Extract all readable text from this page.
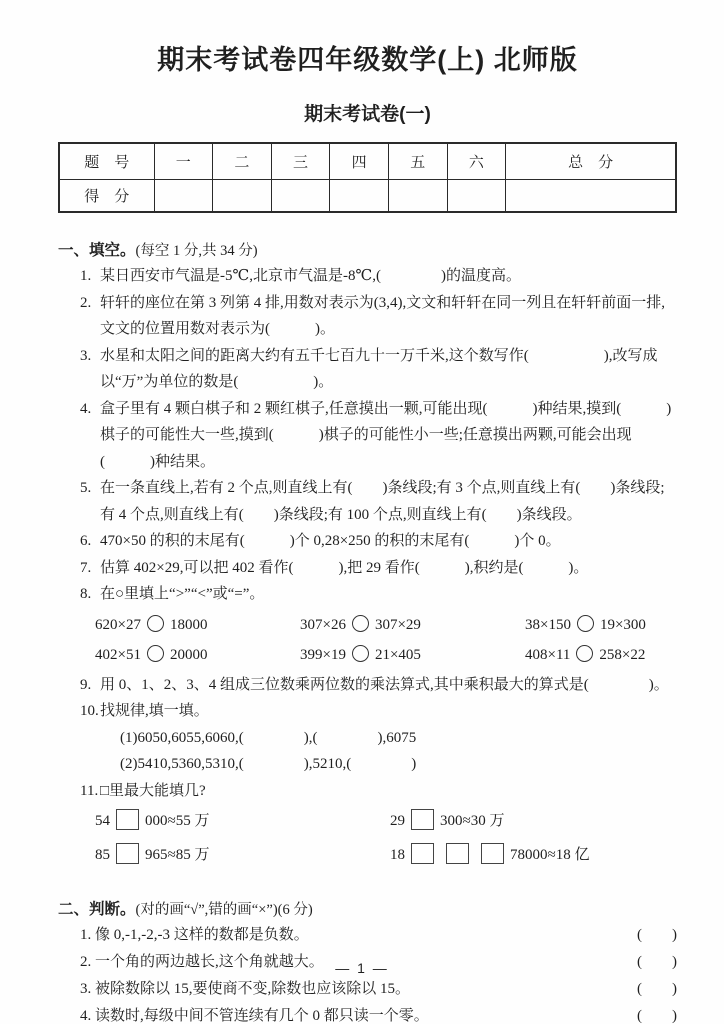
期末考试卷四年级数学(上) 北师版
期末考试卷(一)
题　号	一	二	三	四	五	六	总　分
得　分							
一、填空。(每空 1 分,共 34 分)
1. 某日西安市气温是-5℃,北京市气温是-8℃,(　　　　)的温度高。
2. 轩轩的座位在第 3 列第 4 排,用数对表示为(3,4),文文和轩轩在同一列且在轩轩前面一排,文文的位置用数对表示为(　　　)。
3. 水星和太阳之间的距离大约有五千七百九十一万千米,这个数写作(　　　　　),改写成以“万”为单位的数是(　　　　　)。
4. 盒子里有 4 颗白棋子和 2 颗红棋子,任意摸出一颗,可能出现(　　　)种结果,摸到(　　　)棋子的可能性大一些,摸到(　　　)棋子的可能性小一些;任意摸出两颗,可能会出现(　　　)种结果。
5. 在一条直线上,若有 2 个点,则直线上有(　　)条线段;有 3 个点,则直线上有(　　)条线段;有 4 个点,则直线上有(　　)条线段;有 100 个点,则直线上有(　　)条线段。
6. 470×50 的积的末尾有(　　　)个 0,28×250 的积的末尾有(　　　)个 0。
7. 估算 402×29,可以把 402 看作(　　　),把 29 看作(　　　),积约是(　　　)。
8. 在○里填上“>”“<”或“=”。
620×27 18000	307×26 307×29	38×150 19×300
402×51 20000	399×19 21×405	408×11 258×22
9. 用 0、1、2、3、4 组成三位数乘两位数的乘法算式,其中乘积最大的算式是(　　　　)。
10.找规律,填一填。
(1)6050,6055,6060,(　　　　),(　　　　),6075
(2)5410,5360,5310,(　　　　),5210,(　　　　)
11. □里最大能填几?
54 000≈55 万	29 300≈30 万
85 965≈85 万	18	78000≈18 亿
二、判断。(对的画“√”,错的画“×”)(6 分)
1. 像 0,-1,-2,-3 这样的数都是负数。	(　　)
2. 一个角的两边越长,这个角就越大。	(　　)
3. 被除数除以 15,要使商不变,除数也应该除以 15。	(　　)
4. 读数时,每级中间不管连续有几个 0 都只读一个零。	(　　)
— 1 —
